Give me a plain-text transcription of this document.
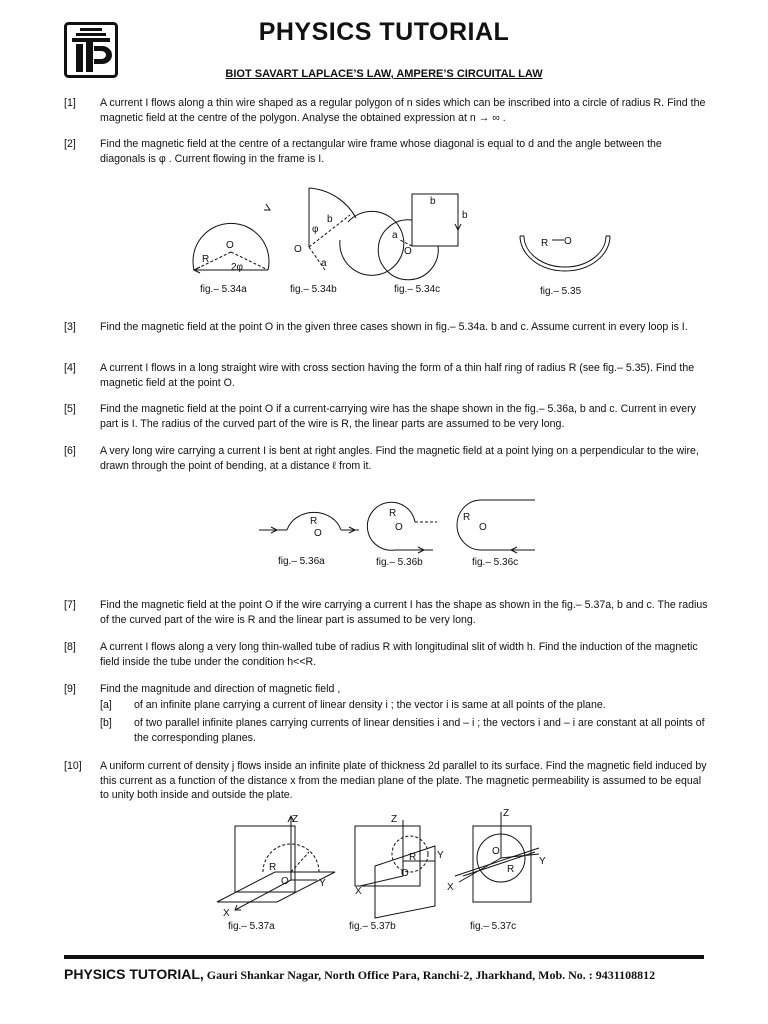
PHYSICS TUTORIAL
BIOT SAVART LAPLACE’S LAW, AMPERE’S CIRCUITAL LAW
[1] A current I flows along a thin wire shaped as a regular polygon of n sides which can be inscribed into a circle of radius R. Find the magnetic field at the centre of the polygon. Analyse the obtained expression at n → ∞ .
[2] Find the magnetic field at the centre of a rectangular wire frame whose diagonal is equal to d and the angle between the diagonals is φ . Current flowing in the frame is I.
O
R
2φ
O
φ
b
a
O
a
b
b
R O
fig.– 5.34a	fig.– 5.34b	fig.– 5.34c	fig.– 5.35
[3] Find the magnetic field at the point O in the given three cases shown in fig.– 5.34a. b and c. Assume current in every loop is I.
[4] A current I flows in a long straight wire with cross section having the form of a thin half ring of radius R (see fig.– 5.35). Find the magnetic field at the point O.
[5] Find the magnetic field at the point O if a current-carrying wire has the shape shown in the fig.– 5.36a, b and c. Current in every part is I. The radius of the curved part of the wire is R, the linear parts are assumed to be very long.
[6] A very long wire carrying a current I is bent at right angles. Find the magnetic field at a point lying on a perpendicular to the wire, drawn through the point of bending, at a distance ℓ from it.
R
O
R
O
R
O
fig.– 5.36a	fig.– 5.36b	fig.– 5.36c
[7] Find the magnetic field at the point O if the wire carrying a current I has the shape as shown in the fig.– 5.37a, b and c. The radius of the curved part of the wire is R and the linear part is assumed to be very long.
[8] A current I flows along a very long thin-walled tube of radius R with longitudinal slit of width h. Find the induction of the magnetic field inside the tube under the condition h<<R.
[9] Find the magnitude and direction of magnetic field ,
[a] of an infinite plane carrying a current of linear density i ; the vector i is same at all points of the plane.
[b] of two parallel infinite planes carrying currents of linear densities i and – i ; the vectors i and – i are constant at all points of the corresponding planes.
[10] A uniform current of density j flows inside an infinite plate of thickness 2d parallel to its surface. Find the magnetic field induced by this current as a function of the distance x from the median plane of the plate. The magnetic permeability is assumed to be equal to unity both inside and outside the plate.
Z
X
Y
R
O
Z
X
Y
R
O
Z
X
Y
R
O
fig.– 5.37a	fig.– 5.37b	fig.– 5.37c
PHYSICS TUTORIAL, Gauri Shankar Nagar, North Office Para, Ranchi-2, Jharkhand, Mob. No. : 9431108812
